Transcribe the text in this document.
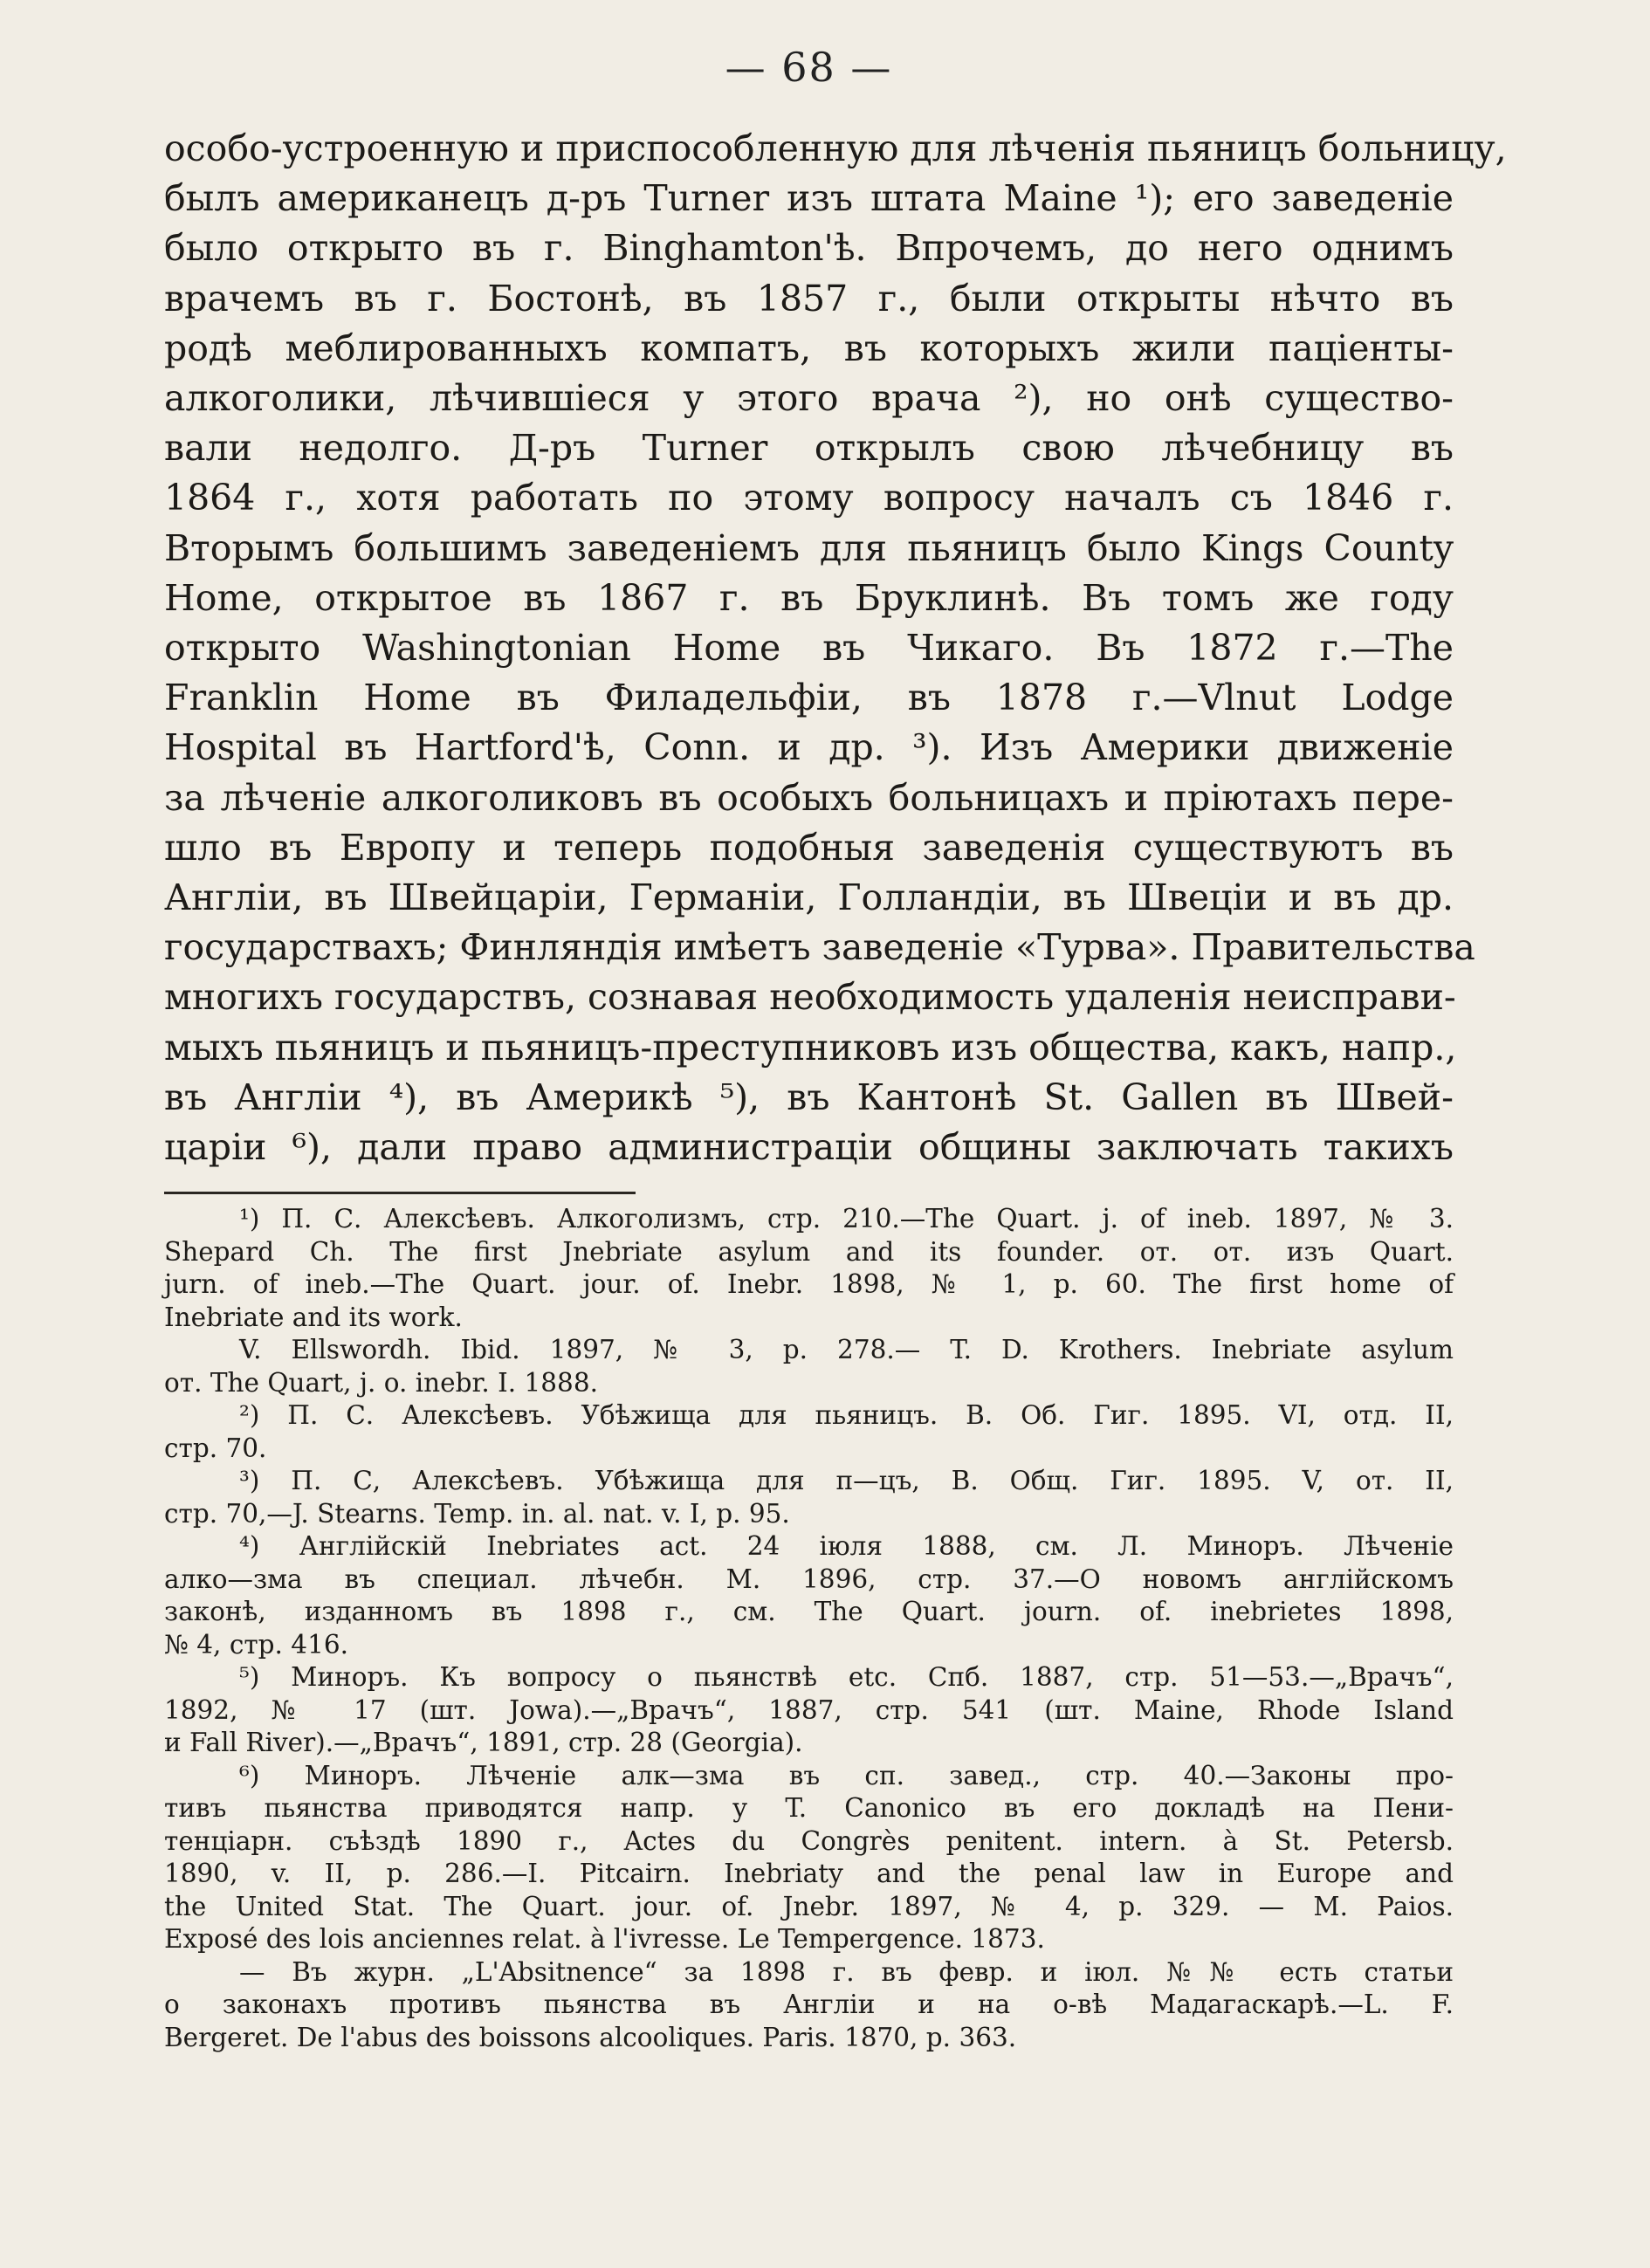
— 68 —
особо-устроенную и приспособленную для лѣченія пьяницъ больницу,
былъ американецъ д-ръ Turner изъ штата Maine ¹); его заведеніе
было открыто въ г. Binghamton'ѣ. Впрочемъ, до него однимъ
врачемъ въ г. Бостонѣ, въ 1857 г., были открыты нѣчто въ
родѣ меблированныхъ компатъ, въ которыхъ жили паціенты-
алкоголики, лѣчившіеся у этого врача ²), но онѣ существо-
вали недолго. Д-ръ Turner открылъ свою лѣчебницу въ
1864 г., хотя работать по этому вопросу началъ съ 1846 г.
Вторымъ большимъ заведеніемъ для пьяницъ было Kings County
Home, открытое въ 1867 г. въ Бруклинѣ. Въ томъ же году
открыто Washingtonian Home въ Чикаго. Въ 1872 г.—The
Franklin Home въ Филадельфіи, въ 1878 г.—Vlnut Lodge
Hospital въ Hartford'ѣ, Conn. и др. ³). Изъ Америки движеніе
за лѣченіе алкоголиковъ въ особыхъ больницахъ и пріютахъ пере-
шло въ Европу и теперь подобныя заведенія существуютъ въ
Англіи, въ Швейцаріи, Германіи, Голландіи, въ Швеціи и въ др.
государствахъ; Финляндія имѣетъ заведеніе «Турва». Правительства
многихъ государствъ, сознавая необходимость удаленія неисправи-
мыхъ пьяницъ и пьяницъ-преступниковъ изъ общества, какъ, напр.,
въ Англіи ⁴), въ Америкѣ ⁵), въ Кантонѣ St. Gallen въ Швей-
царіи ⁶), дали право администраціи общины заключать такихъ
¹) П. С. Алексѣевъ. Алкоголизмъ, стр. 210.—The Quart. j. of ineb. 1897, № 3.
Shepard Ch. The first Jnebriate asylum and its founder. от. от. изъ Quart.
jurn. of ineb.—The Quart. jour. of. Inebr. 1898, № 1, p. 60. The first home of
Inebriate and its work.
V. Ellswordh. Ibid. 1897, № 3, p. 278.— T. D. Krothers. Inebriate asylum
от. The Quart, j. o. inebr. I. 1888.
²) П. С. Алексѣевъ. Убѣжища для пьяницъ. В. Об. Гиг. 1895. VI, отд. II,
стр. 70.
³) П. С, Алексѣевъ. Убѣжища для п—цъ, В. Общ. Гиг. 1895. V, от. II,
стр. 70,—J. Stearns. Temp. in. al. nat. v. I, p. 95.
⁴) Англійскій Inebriates act. 24 іюля 1888, см. Л. Миноръ. Лѣченіе
алко—зма въ специал. лѣчебн. М. 1896, стр. 37.—О новомъ англійскомъ
законѣ, изданномъ въ 1898 г., см. The Quart. journ. of. inebrietes 1898,
№ 4, стр. 416.
⁵) Миноръ. Къ вопросу о пьянствѣ etc. Спб. 1887, стр. 51—53.—„Врачъ“,
1892, № 17 (шт. Jowa).—„Врачъ“, 1887, стр. 541 (шт. Maine, Rhode Island
и Fall River).—„Врачъ“, 1891, стр. 28 (Georgia).
⁶) Миноръ. Лѣченіе алк—зма въ сп. завед., стр. 40.—Законы про-
тивъ пьянства приводятся напр. у T. Canonico въ его докладѣ на Пени-
тенціарн. съѣздѣ 1890 г., Actes du Congrès penitent. intern. à St. Petersb.
1890, v. II, p. 286.—I. Pitcairn. Inebriaty and the penal law in Europe and
the United Stat. The Quart. jour. of. Jnebr. 1897, № 4, p. 329. — M. Paios.
Exposé des lois anciennes relat. à l'ivresse. Le Tempergence. 1873.
— Въ журн. „L'Absitnence“ за 1898 г. въ февр. и іюл. №№ есть статьи
о законахъ противъ пьянства въ Англіи и на о-вѣ Мадагаскарѣ.—L. F.
Bergeret. De l'abus des boissons alcooliques. Paris. 1870, p. 363.
